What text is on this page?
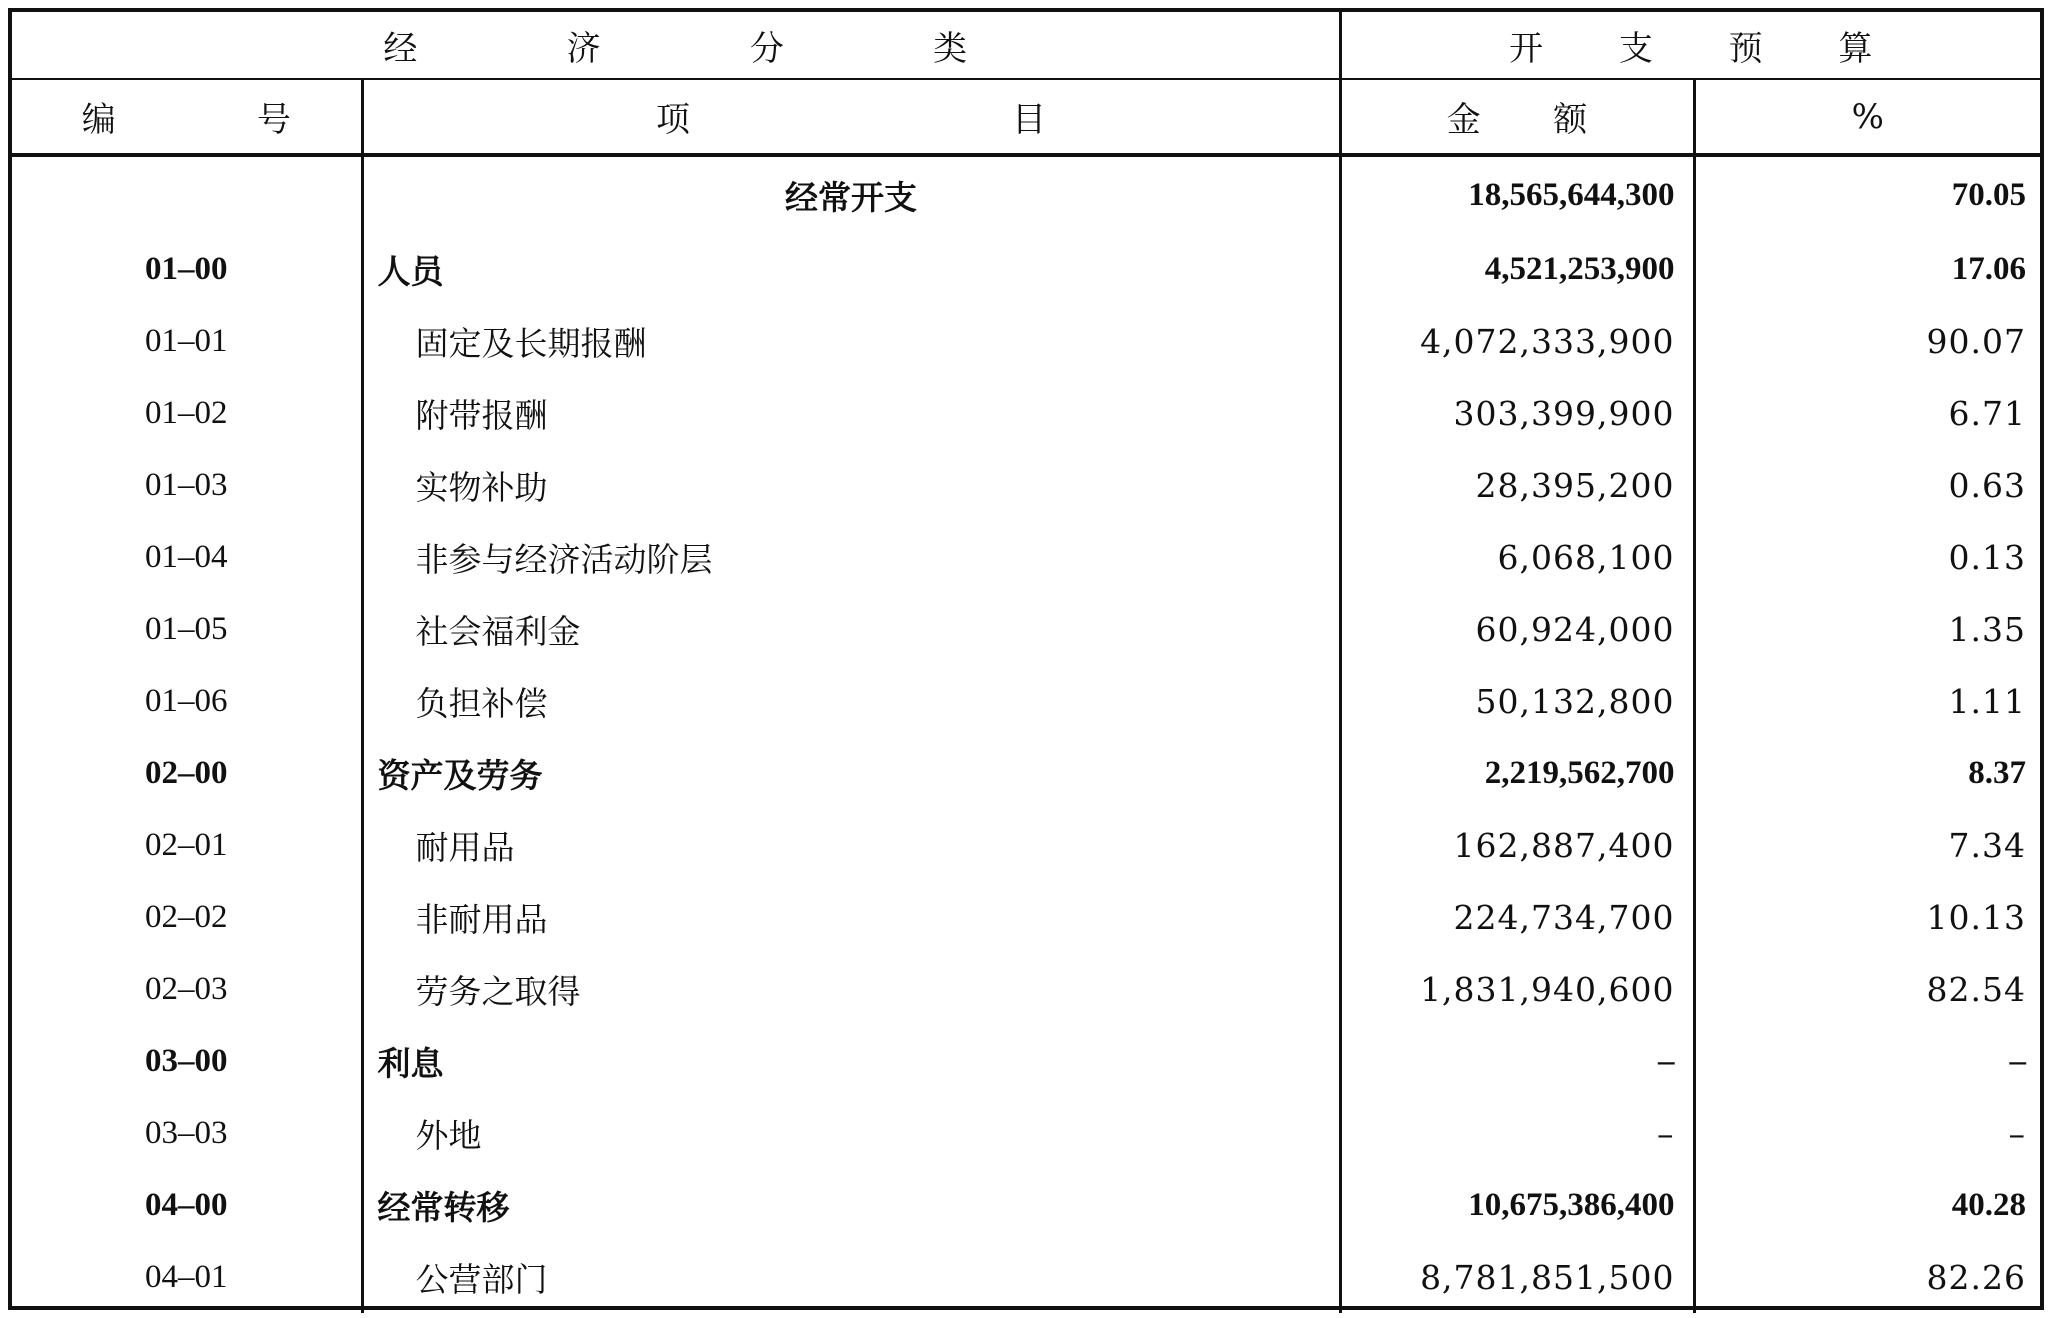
经 济 分 类		开 支 预 算	

编 号	项 目	金 额	%
	经常开支	18,565,644,300	70.05
01–00	人员	4,521,253,900	17.06
01–01	固定及长期报酬	4,072,333,900	90.07
01–02	附带报酬	303,399,900	6.71
01–03	实物补助	28,395,200	0.63
01–04	非参与经济活动阶层	6,068,100	0.13
01–05	社会福利金	60,924,000	1.35
01–06	负担补偿	50,132,800	1.11
02–00	资产及劳务	2,219,562,700	8.37
02–01	耐用品	162,887,400	7.34
02–02	非耐用品	224,734,700	10.13
02–03	劳务之取得	1,831,940,600	82.54
03–00	利息	–	–
03–03	外地	–	–
04–00	经常转移	10,675,386,400	40.28
04–01	公营部门	8,781,851,500	82.26
